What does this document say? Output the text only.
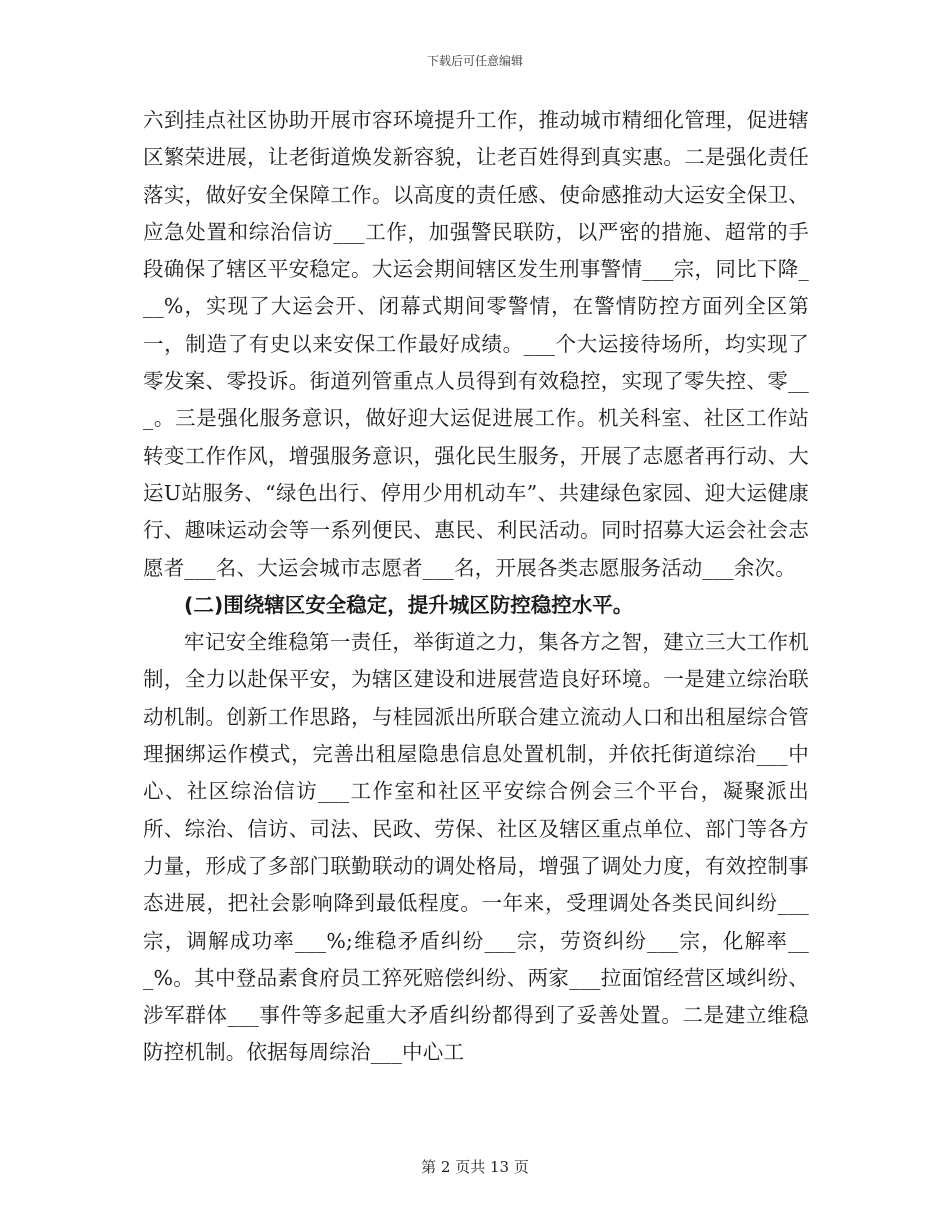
下载后可任意编辑

六到挂点社区协助开展市容环境提升工作，推动城市精细化管理，促进辖区繁荣进展，让老街道焕发新容貌，让老百姓得到真实惠。二是强化责任落实，做好安全保障工作。以高度的责任感、使命感推动大运安全保卫、应急处置和综治信访___工作，加强警民联防，以严密的措施、超常的手段确保了辖区平安稳定。大运会期间辖区发生刑事警情___宗，同比下降___%，实现了大运会开、闭幕式期间零警情，在警情防控方面列全区第一，制造了有史以来安保工作最好成绩。___个大运接待场所，均实现了零发案、零投诉。街道列管重点人员得到有效稳控，实现了零失控、零___。三是强化服务意识，做好迎大运促进展工作。机关科室、社区工作站转变工作作风，增强服务意识，强化民生服务，开展了志愿者再行动、大运U站服务、“绿色出行、停用少用机动车”、共建绿色家园、迎大运健康行、趣味运动会等一系列便民、惠民、利民活动。同时招募大运会社会志愿者___名、大运会城市志愿者___名，开展各类志愿服务活动___余次。

(二)围绕辖区安全稳定，提升城区防控稳控水平。

牢记安全维稳第一责任，举街道之力，集各方之智，建立三大工作机制，全力以赴保平安，为辖区建设和进展营造良好环境。一是建立综治联动机制。创新工作思路，与桂园派出所联合建立流动人口和出租屋综合管理捆绑运作模式，完善出租屋隐患信息处置机制，并依托街道综治___中心、社区综治信访___工作室和社区平安综合例会三个平台，凝聚派出所、综治、信访、司法、民政、劳保、社区及辖区重点单位、部门等各方力量，形成了多部门联勤联动的调处格局，增强了调处力度，有效控制事态进展，把社会影响降到最低程度。一年来，受理调处各类民间纠纷___宗，调解成功率___%;维稳矛盾纠纷___宗，劳资纠纷___宗，化解率___%。其中登品素食府员工猝死赔偿纠纷、两家___拉面馆经营区域纠纷、涉军群体___事件等多起重大矛盾纠纷都得到了妥善处置。二是建立维稳防控机制。依据每周综治___中心工

第 2 页共 13 页
